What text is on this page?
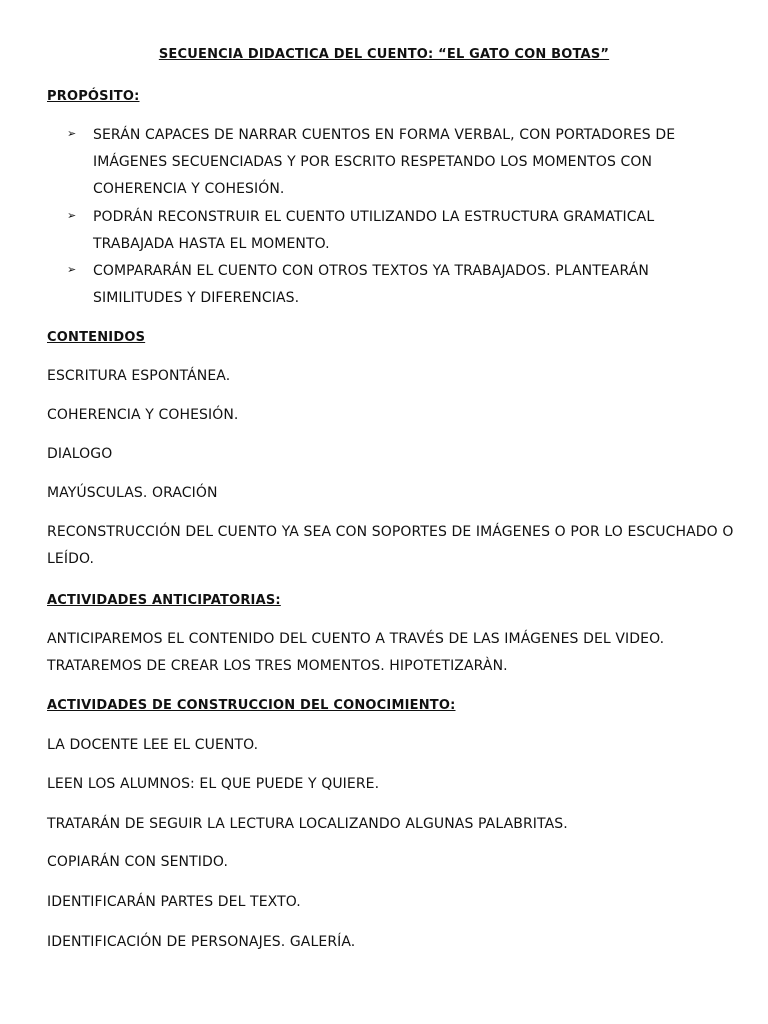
SECUENCIA DIDACTICA DEL CUENTO: “EL GATO CON BOTAS”
PROPÓSITO:
➢ SERÁN CAPACES DE NARRAR CUENTOS EN FORMA VERBAL, CON PORTADORES DE IMÁGENES SECUENCIADAS Y POR ESCRITO RESPETANDO LOS MOMENTOS CON COHERENCIA Y COHESIÓN.
➢ PODRÁN RECONSTRUIR EL CUENTO UTILIZANDO LA ESTRUCTURA GRAMATICAL TRABAJADA HASTA EL MOMENTO.
➢ COMPARARÁN EL CUENTO CON OTROS TEXTOS YA TRABAJADOS. PLANTEARÁN SIMILITUDES Y DIFERENCIAS.
CONTENIDOS
ESCRITURA ESPONTÁNEA.
COHERENCIA Y COHESIÓN.
DIALOGO
MAYÚSCULAS. ORACIÓN
RECONSTRUCCIÓN DEL CUENTO YA SEA CON SOPORTES DE IMÁGENES O POR LO ESCUCHADO O LEÍDO.
ACTIVIDADES ANTICIPATORIAS:
ANTICIPAREMOS EL CONTENIDO DEL CUENTO A TRAVÉS DE LAS IMÁGENES DEL VIDEO. TRATAREMOS DE CREAR LOS TRES MOMENTOS. HIPOTETIZARÀN.
ACTIVIDADES DE CONSTRUCCION DEL CONOCIMIENTO:
LA DOCENTE LEE EL CUENTO.
LEEN LOS ALUMNOS: EL QUE PUEDE Y QUIERE.
TRATARÁN DE SEGUIR LA LECTURA LOCALIZANDO ALGUNAS PALABRITAS.
COPIARÁN CON SENTIDO.
IDENTIFICARÁN PARTES DEL TEXTO.
IDENTIFICACIÓN DE PERSONAJES. GALERÍA.
